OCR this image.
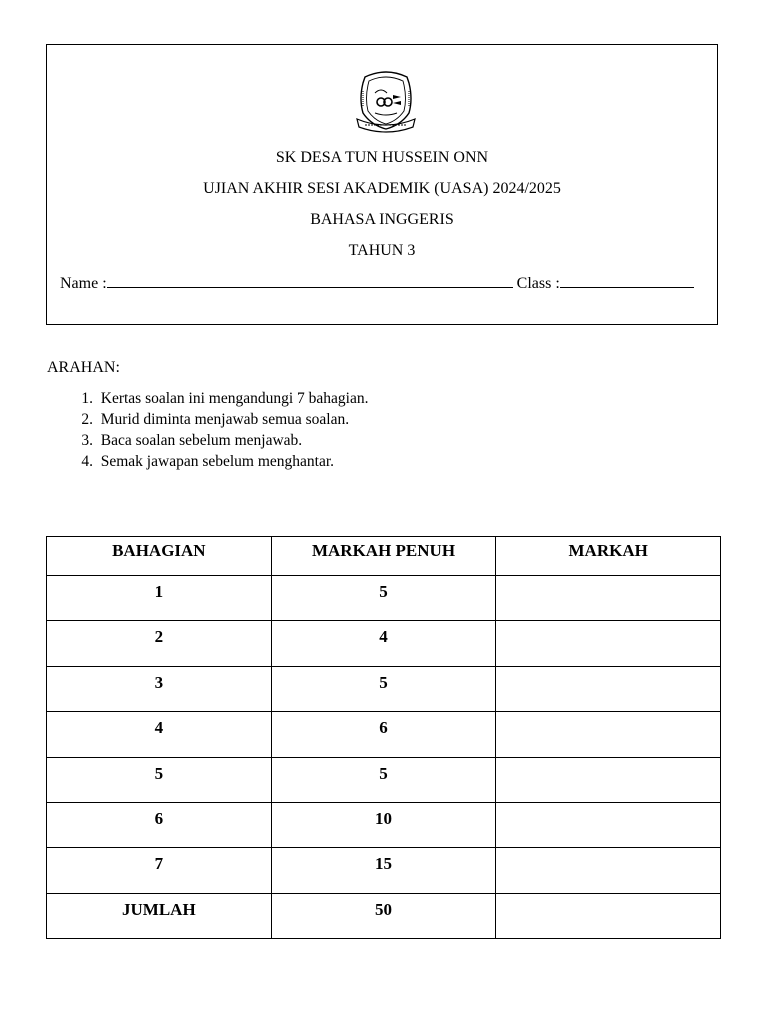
SK DESA TUN HUSSEIN ONN
UJIAN AKHIR SESI AKADEMIK (UASA) 2024/2025
BAHASA INGGERIS
TAHUN 3
Name :	Class :
ARAHAN:
1. Kertas soalan ini mengandungi 7 bahagian.
2. Murid diminta menjawab semua soalan.
3. Baca soalan sebelum menjawab.
4. Semak jawapan sebelum menghantar.
BAHAGIAN	MARKAH PENUH	MARKAH
1	5	
2	4	
3	5	
4	6	
5	5	
6	10	
7	15	
JUMLAH	50	
